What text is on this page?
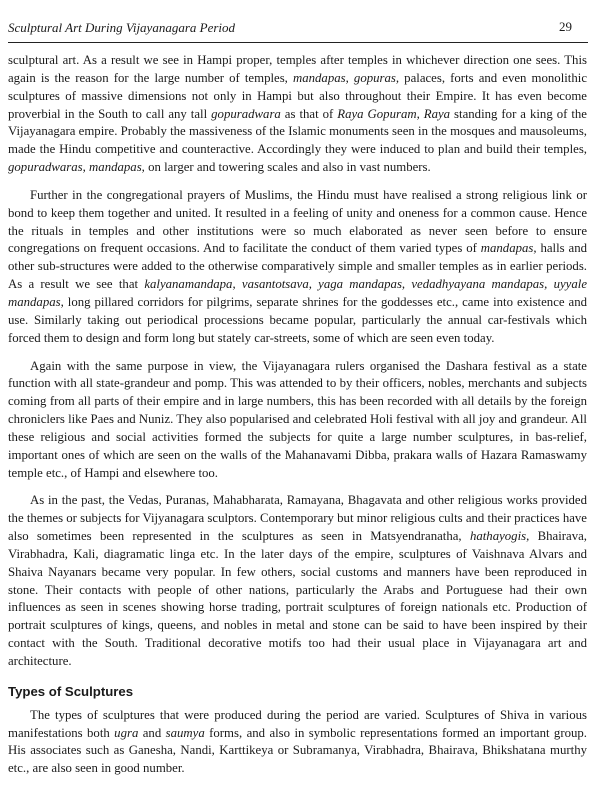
Sculptural Art During Vijayanagara Period	29

sculptural art. As a result we see in Hampi proper, temples after temples in whichever direction one sees. This again is the reason for the large number of temples, mandapas, gopuras, palaces, forts and even monolithic sculptures of massive dimensions not only in Hampi but also throughout their Empire. It has even become proverbial in the South to call any tall gopuradwara as that of Raya Gopuram, Raya standing for a king of the Vijayanagara empire. Probably the massiveness of the Islamic monuments seen in the mosques and mausoleums, made the Hindu competitive and counteractive. Accordingly they were induced to plan and build their temples, gopuradwaras, mandapas, on larger and towering scales and also in vast numbers.

Further in the congregational prayers of Muslims, the Hindu must have realised a strong religious link or bond to keep them together and united. It resulted in a feeling of unity and oneness for a common cause. Hence the rituals in temples and other institutions were so much elaborated as never seen before to ensure congregations on frequent occasions. And to facilitate the conduct of them varied types of mandapas, halls and other sub-structures were added to the otherwise comparatively simple and smaller temples as in earlier periods. As a result we see that kalyanamandapa, vasantotsava, yaga mandapas, vedadhyayana mandapas, uyyale mandapas, long pillared corridors for pilgrims, separate shrines for the goddesses etc., came into existence and use. Similarly taking out periodical processions became popular, particularly the annual car-festivals which forced them to design and form long but stately car-streets, some of which are seen even today.

Again with the same purpose in view, the Vijayanagara rulers organised the Dashara festival as a state function with all state-grandeur and pomp. This was attended to by their officers, nobles, merchants and subjects coming from all parts of their empire and in large numbers, this has been recorded with all details by the foreign chroniclers like Paes and Nuniz. They also popularised and celebrated Holi festival with all joy and grandeur. All these religious and social activities formed the subjects for quite a large number sculptures, in bas-relief, important ones of which are seen on the walls of the Mahanavami Dibba, prakara walls of Hazara Ramaswamy temple etc., of Hampi and elsewhere too.

As in the past, the Vedas, Puranas, Mahabharata, Ramayana, Bhagavata and other religious works provided the themes or subjects for Vijyanagara sculptors. Contemporary but minor religious cults and their practices have also sometimes been represented in the sculptures as seen in Matsyendranatha, hathayogis, Bhairava, Virabhadra, Kali, diagramatic linga etc. In the later days of the empire, sculptures of Vaishnava Alvars and Shaiva Nayanars became very popular. In few others, social customs and manners have been reproduced in stone. Their contacts with people of other nations, particularly the Arabs and Portuguese had their own influences as seen in scenes showing horse trading, portrait sculptures of foreign nationals etc. Production of portrait sculptures of kings, queens, and nobles in metal and stone can be said to have been inspired by their contact with the South. Traditional decorative motifs too had their usual place in Vijayanagara art and architecture.

Types of Sculptures

The types of sculptures that were produced during the period are varied. Sculptures of Shiva in various manifestations both ugra and saumya forms, and also in symbolic representations formed an important group. His associates such as Ganesha, Nandi, Karttikeya or Subramanya, Virabhadra, Bhairava, Bhikshatana murthy etc., are also seen in good number.
